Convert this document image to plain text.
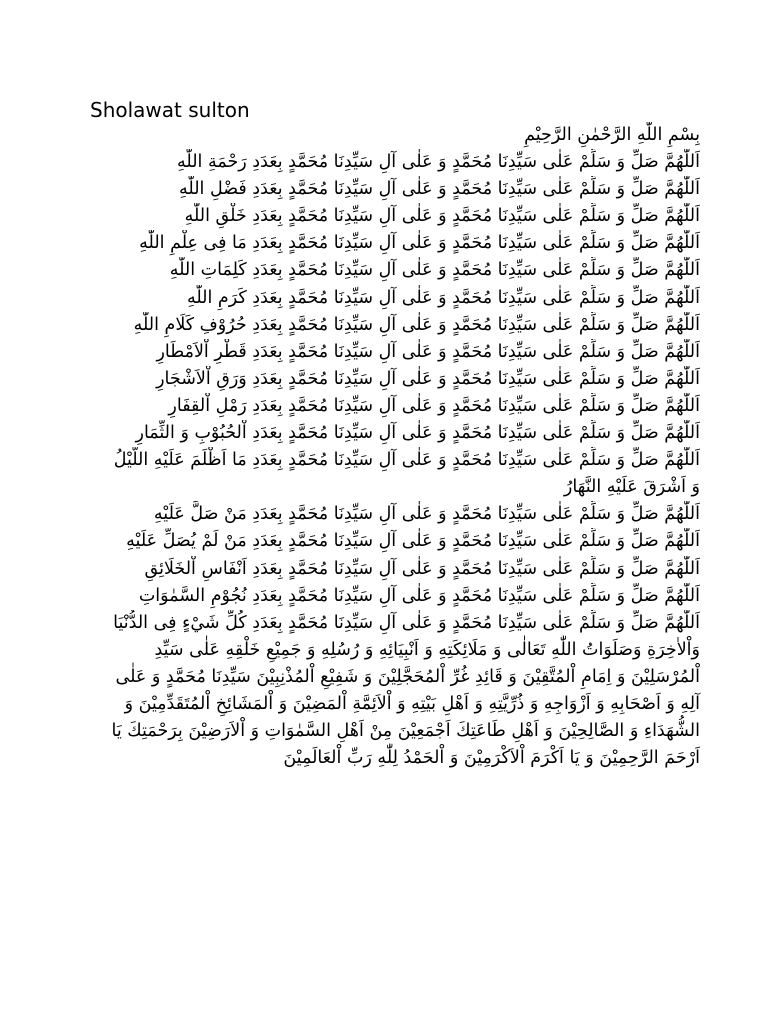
Sholawat sulton
بِسْمِ اللّٰهِ الرَّحْمٰنِ الرَّحِيْمِ
اَللّٰهُمَّ صَلِّ وَ سَلِّمْ عَلٰى سَيِّدِنَا مُحَمَّدٍ وَ عَلٰى آلِ سَيِّدِنَا مُحَمَّدٍ بِعَدَدِ رَحْمَةِ اللّٰهِ
اَللّٰهُمَّ صَلِّ وَ سَلِّمْ عَلٰى سَيِّدِنَا مُحَمَّدٍ وَ عَلٰى آلِ سَيِّدِنَا مُحَمَّدٍ بِعَدَدِ فَضْلِ اللّٰهِ
اَللّٰهُمَّ صَلِّ وَ سَلِّمْ عَلٰى سَيِّدِنَا مُحَمَّدٍ وَ عَلٰى آلِ سَيِّدِنَا مُحَمَّدٍ بِعَدَدِ خَلْقِ اللّٰهِ
اَللّٰهُمَّ صَلِّ وَ سَلِّمْ عَلٰى سَيِّدِنَا مُحَمَّدٍ وَ عَلٰى آلِ سَيِّدِنَا مُحَمَّدٍ بِعَدَدِ مَا فِى عِلْمِ اللّٰهِ
اَللّٰهُمَّ صَلِّ وَ سَلِّمْ عَلٰى سَيِّدِنَا مُحَمَّدٍ وَ عَلٰى آلِ سَيِّدِنَا مُحَمَّدٍ بِعَدَدِ كَلِمَاتِ اللّٰهِ
اَللّٰهُمَّ صَلِّ وَ سَلِّمْ عَلٰى سَيِّدِنَا مُحَمَّدٍ وَ عَلٰى آلِ سَيِّدِنَا مُحَمَّدٍ بِعَدَدِ كَرَمِ اللّٰهِ
اَللّٰهُمَّ صَلِّ وَ سَلِّمْ عَلٰى سَيِّدِنَا مُحَمَّدٍ وَ عَلٰى آلِ سَيِّدِنَا مُحَمَّدٍ بِعَدَدِ حُرُوْفِ كَلَامِ اللّٰهِ
اَللّٰهُمَّ صَلِّ وَ سَلِّمْ عَلٰى سَيِّدِنَا مُحَمَّدٍ وَ عَلٰى آلِ سَيِّدِنَا مُحَمَّدٍ بِعَدَدِ قَطْرِ اْلاَمْطَارِ
اَللّٰهُمَّ صَلِّ وَ سَلِّمْ عَلٰى سَيِّدِنَا مُحَمَّدٍ وَ عَلٰى آلِ سَيِّدِنَا مُحَمَّدٍ بِعَدَدِ وَرَقِ اْلاَشْجَارِ
اَللّٰهُمَّ صَلِّ وَ سَلِّمْ عَلٰى سَيِّدِنَا مُحَمَّدٍ وَ عَلٰى آلِ سَيِّدِنَا مُحَمَّدٍ بِعَدَدِ رَمْلِ اْلقِفَارِ
اَللّٰهُمَّ صَلِّ وَ سَلِّمْ عَلٰى سَيِّدِنَا مُحَمَّدٍ وَ عَلٰى آلِ سَيِّدِنَا مُحَمَّدٍ بِعَدَدِ اْلحُبُوْبِ وَ الثِّمَارِ
اَللّٰهُمَّ صَلِّ وَ سَلِّمْ عَلٰى سَيِّدِنَا مُحَمَّدٍ وَ عَلٰى آلِ سَيِّدِنَا مُحَمَّدٍ بِعَدَدِ مَا اَظْلَمَ عَلَيْهِ اللَّيْلُ
وَ اَشْرَقَ عَلَيْهِ النَّهَارُ
اَللّٰهُمَّ صَلِّ وَ سَلِّمْ عَلٰى سَيِّدِنَا مُحَمَّدٍ وَ عَلٰى آلِ سَيِّدِنَا مُحَمَّدٍ بِعَدَدِ مَنْ صَلَّ عَلَيْهِ
اَللّٰهُمَّ صَلِّ وَ سَلِّمْ عَلٰى سَيِّدِنَا مُحَمَّدٍ وَ عَلٰى آلِ سَيِّدِنَا مُحَمَّدٍ بِعَدَدِ مَنْ لَمْ يُصَلِّ عَلَيْهِ
اَللّٰهُمَّ صَلِّ وَ سَلِّمْ عَلٰى سَيِّدِنَا مُحَمَّدٍ وَ عَلٰى آلِ سَيِّدِنَا مُحَمَّدٍ بِعَدَدِ اَنْفَاسِ اْلخَلَائِقِ
اَللّٰهُمَّ صَلِّ وَ سَلِّمْ عَلٰى سَيِّدِنَا مُحَمَّدٍ وَ عَلٰى آلِ سَيِّدِنَا مُحَمَّدٍ بِعَدَدِ نُجُوْمِ السَّمٰوَاتِ
اَللّٰهُمَّ صَلِّ وَ سَلِّمْ عَلٰى سَيِّدِنَا مُحَمَّدٍ وَ عَلٰى آلِ سَيِّدِنَا مُحَمَّدٍ بِعَدَدِ كُلِّ شَيْءٍ فِى الدُّنْيَا
وَاْلاٰخِرَةِ وَصَلَوَاتُ اللّٰهِ تَعَالٰى وَ مَلَائِكَتِهِ وَ اَنْبِيَائِهِ وَ رُسُلِهِ وَ جَمِيْعِ خَلْقِهِ عَلٰى سَيِّدِ اْلمُرْسَلِيْنَ وَ اِمَامِ اْلمُتَّقِيْنَ وَ قَائِدِ غُرِّ اْلمُحَجَّلِيْنَ وَ شَفِيْعِ اْلمُذْنِبِيْنَ سَيِّدِنَا مُحَمَّدٍ وَ عَلٰى آلِهِ وَ اَصْحَابِهِ وَ اَزْوَاجِهِ وَ ذُرِّيَّتِهِ وَ اَهْلِ بَيْتِهِ وَ اْلاَئِمَّةِ اْلمَضِيْنَ وَ اْلمَشَائِخِ اْلمُتَقَدِّمِيْنَ وَ الشُّهَدَاءِ وَ الصَّالِحِيْنَ وَ اَهْلِ طَاعَتِكَ اَجْمَعِيْنَ مِنْ اَهْلِ السَّمٰوَاتِ وَ اْلاَرَضِيْنَ بِرَحْمَتِكَ يَا اَرْحَمَ الرَّحِمِيْنَ وَ يَا اَكْرَمَ اْلاَكْرَمِيْنَ وَ اْلحَمْدُ لِلّٰهِ رَبِّ اْلعَالَمِيْنَ
